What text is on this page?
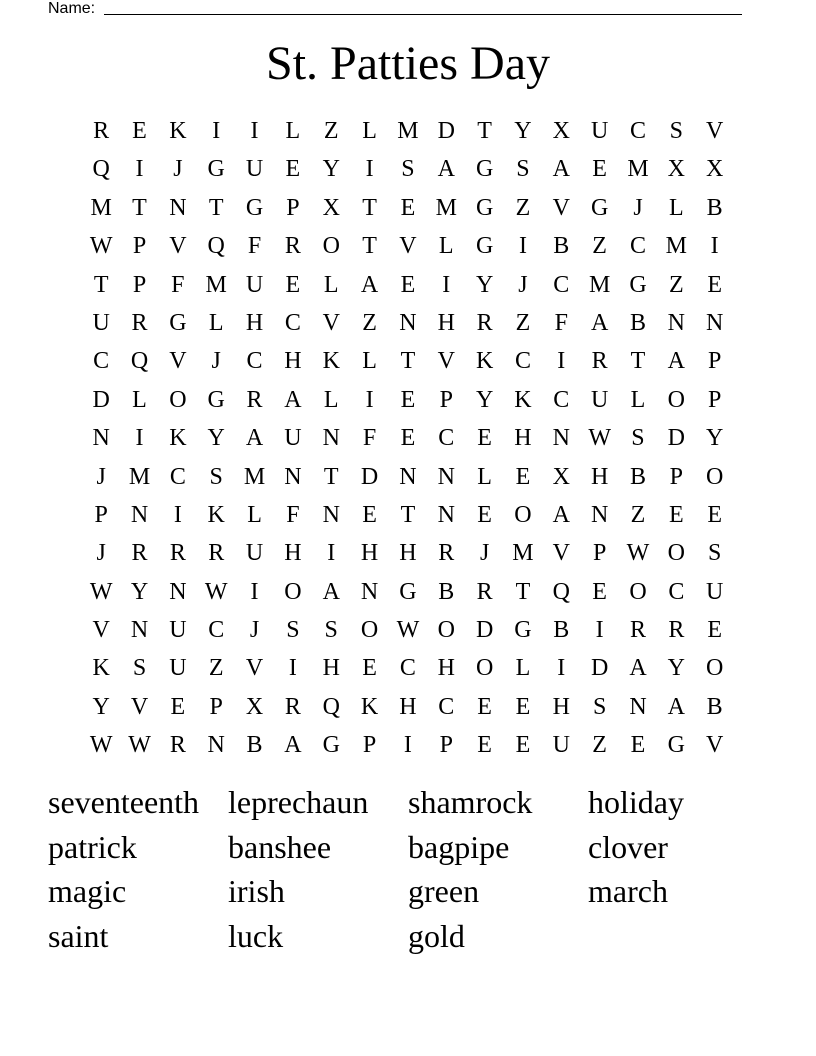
Name:
St. Patties Day
R E K	I	I	L Z L M D T Y X U C S V
Q	I	J	G U E Y	I	S A G S A E M X X
M T N T G P X T E M G Z V G	J	L B
W P V Q F R O T V L G	I	B Z C M I
T	P	F M U E L A E	I	Y	J	C M G Z E
U R G L H C V Z N H R Z	F A B N N
C Q V	J	C H K L T V K C	I	R T A P
D L O G R A L	I	E	P Y K C U L O P
N	I	K Y A U N F	E C E H N W S D Y
J M C S M N T D N N L E X H B P O
P N	I	K L	F N E T N E O A N Z E E
J	R R R U H	I	H H R	J M V P W O S
W Y N W I	O A N G B R T Q E O C U
V N U C	J	S	S O W O D G B	I	R R E
K S U Z V	I	H E C H O L	I	D A Y O
Y V E	P X R Q K H C E E H S N A B
W W R N B A G P	I	P	E E U Z E G V
seventeenth leprechaun	shamrock	holiday
patrick	banshee	bagpipe	clover
magic	irish	green	march
saint	luck	gold
